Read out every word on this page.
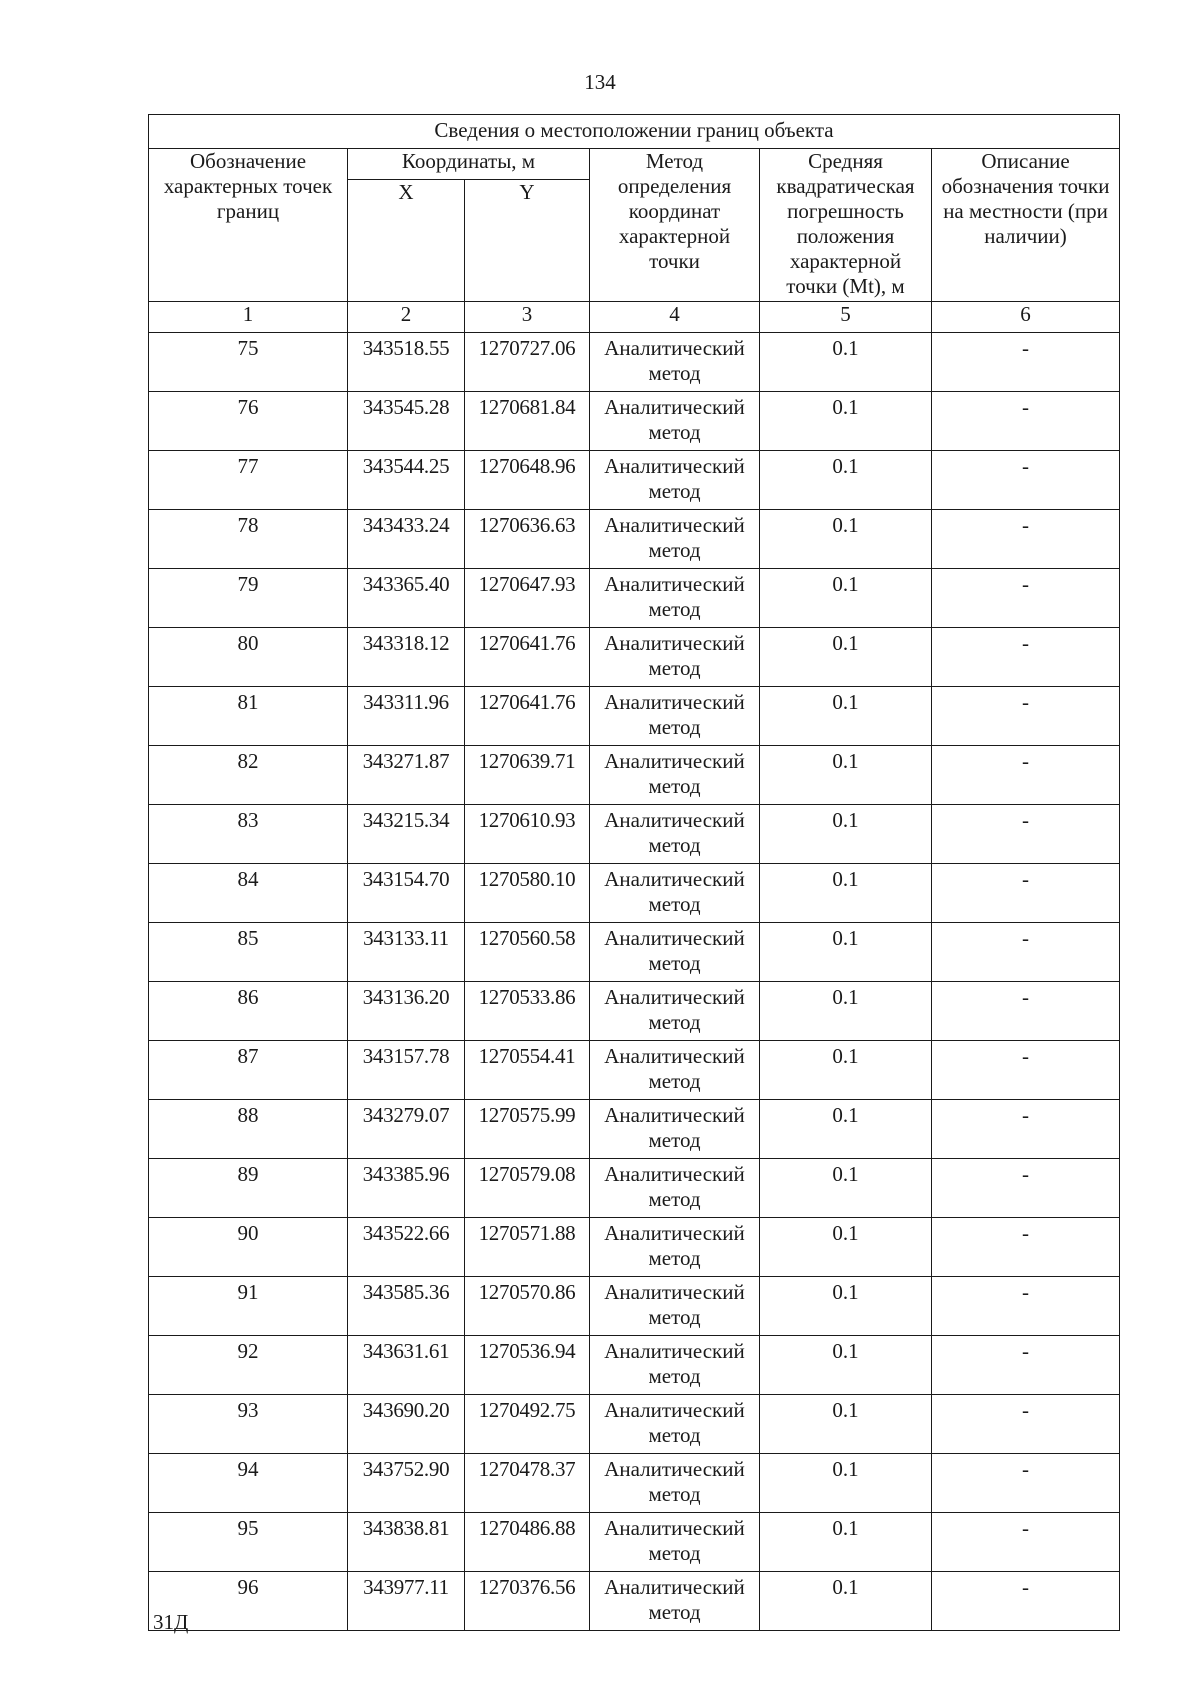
134
Сведения о местоположении границ объекта					
Обозначение характерных точек границ	Координаты, м		Метод определения координат характерной точки	Средняя квадратическая погрешность положения характерной точки (Mt), м	Описание обозначения точки на местности (при наличии)
	X	Y			
1	2	3	4	5	6
75	343518.55	1270727.06	Аналитический метод	0.1	-
76	343545.28	1270681.84	Аналитический метод	0.1	-
77	343544.25	1270648.96	Аналитический метод	0.1	-
78	343433.24	1270636.63	Аналитический метод	0.1	-
79	343365.40	1270647.93	Аналитический метод	0.1	-
80	343318.12	1270641.76	Аналитический метод	0.1	-
81	343311.96	1270641.76	Аналитический метод	0.1	-
82	343271.87	1270639.71	Аналитический метод	0.1	-
83	343215.34	1270610.93	Аналитический метод	0.1	-
84	343154.70	1270580.10	Аналитический метод	0.1	-
85	343133.11	1270560.58	Аналитический метод	0.1	-
86	343136.20	1270533.86	Аналитический метод	0.1	-
87	343157.78	1270554.41	Аналитический метод	0.1	-
88	343279.07	1270575.99	Аналитический метод	0.1	-
89	343385.96	1270579.08	Аналитический метод	0.1	-
90	343522.66	1270571.88	Аналитический метод	0.1	-
91	343585.36	1270570.86	Аналитический метод	0.1	-
92	343631.61	1270536.94	Аналитический метод	0.1	-
93	343690.20	1270492.75	Аналитический метод	0.1	-
94	343752.90	1270478.37	Аналитический метод	0.1	-
95	343838.81	1270486.88	Аналитический метод	0.1	-
96	343977.11	1270376.56	Аналитический метод	0.1	-
31Д
